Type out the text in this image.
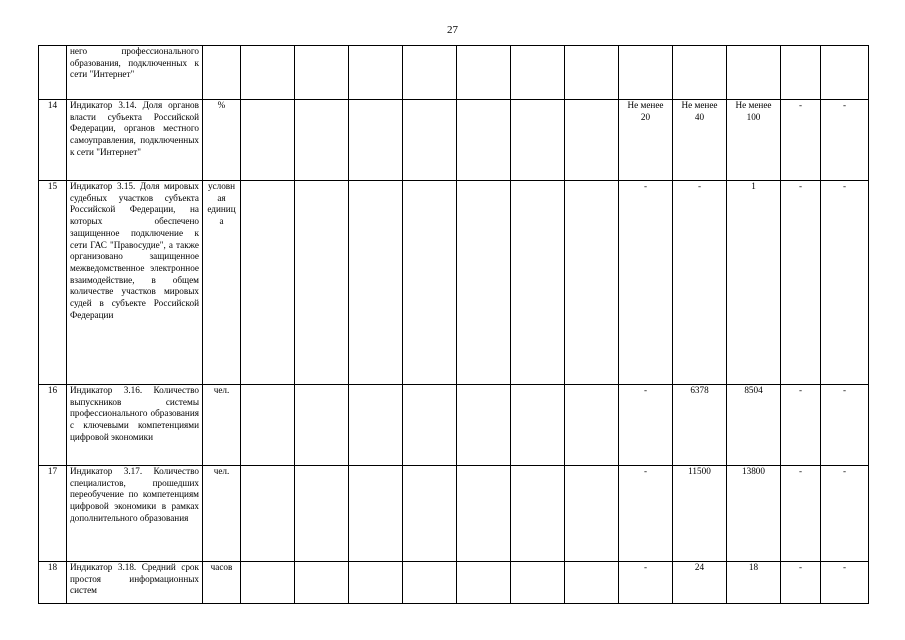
27
	него профессионального образования, подключенных к сети "Интернет"													
14	Индикатор 3.14. Доля органов власти субъекта Российской Федерации, органов местного самоуправления, подключенных к сети "Интернет"	%								Не менее 20	Не менее 40	Не менее 100	-	-
15	Индикатор 3.15. Доля мировых судебных участков субъекта Российской Федерации, на которых обеспечено защищенное подключение к сети ГАС "Правосудие", а также организовано защищенное межведомственное электронное взаимодействие, в общем количестве участков мировых судей в субъекте Российской Федерации	условная единица								-	-	1	-	-
16	Индикатор 3.16. Количество выпускников системы профессионального образования с ключевыми компетенциями цифровой экономики	чел.								-	6378	8504	-	-
17	Индикатор 3.17. Количество специалистов, прошедших переобучение по компетенциям цифровой экономики в рамках дополнительного образования	чел.								-	11500	13800	-	-
18	Индикатор 3.18. Средний срок простоя информационных систем	часов								-	24	18	-	-
